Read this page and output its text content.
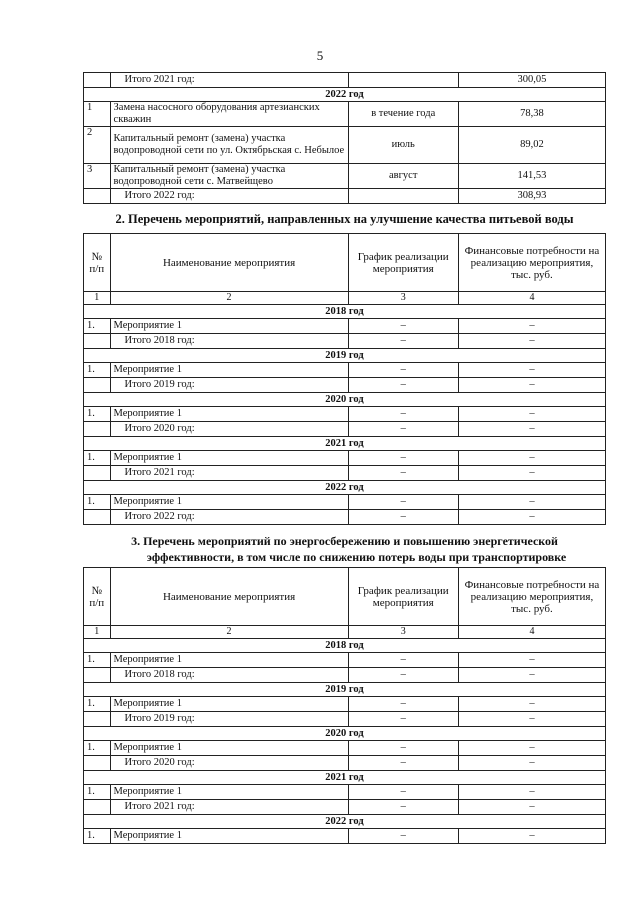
5
	Итого 2021 год:		300,05
2022 год			
1	Замена насосного оборудования артезианских скважин	в течение года	78,38
2	Капитальный ремонт (замена) участка водопроводной сети по ул. Октябрьская с. Небылое	июль	89,02
3	Капитальный ремонт (замена) участка водопроводной сети с. Матвейщево	август	141,53
	Итого 2022 год:		308,93
2. Перечень мероприятий, направленных на улучшение качества питьевой воды
№ п/п	Наименование мероприятия	График реализации мероприятия	Финансовые потребности на реализацию мероприятия, тыс. руб.
1	2	3	4
2018 год			
1.	Мероприятие 1	–	–
	Итого 2018 год:	–	–
2019 год			
1.	Мероприятие 1	–	–
	Итого 2019 год:	–	–
2020 год			
1.	Мероприятие 1	–	–
	Итого 2020 год:	–	–
2021 год			
1.	Мероприятие 1	–	–
	Итого 2021 год:	–	–
2022 год			
1.	Мероприятие 1	–	–
	Итого 2022 год:	–	–
3. Перечень мероприятий по энергосбережению и повышению энергетической
эффективности, в том числе по снижению потерь воды при транспортировке
№ п/п	Наименование мероприятия	График реализации мероприятия	Финансовые потребности на реализацию мероприятия, тыс. руб.
1	2	3	4
2018 год			
1.	Мероприятие 1	–	–
	Итого 2018 год:	–	–
2019 год			
1.	Мероприятие 1	–	–
	Итого 2019 год:	–	–
2020 год			
1.	Мероприятие 1	–	–
	Итого 2020 год:	–	–
2021 год			
1.	Мероприятие 1	–	–
	Итого 2021 год:	–	–
2022 год			
1.	Мероприятие 1	–	–
